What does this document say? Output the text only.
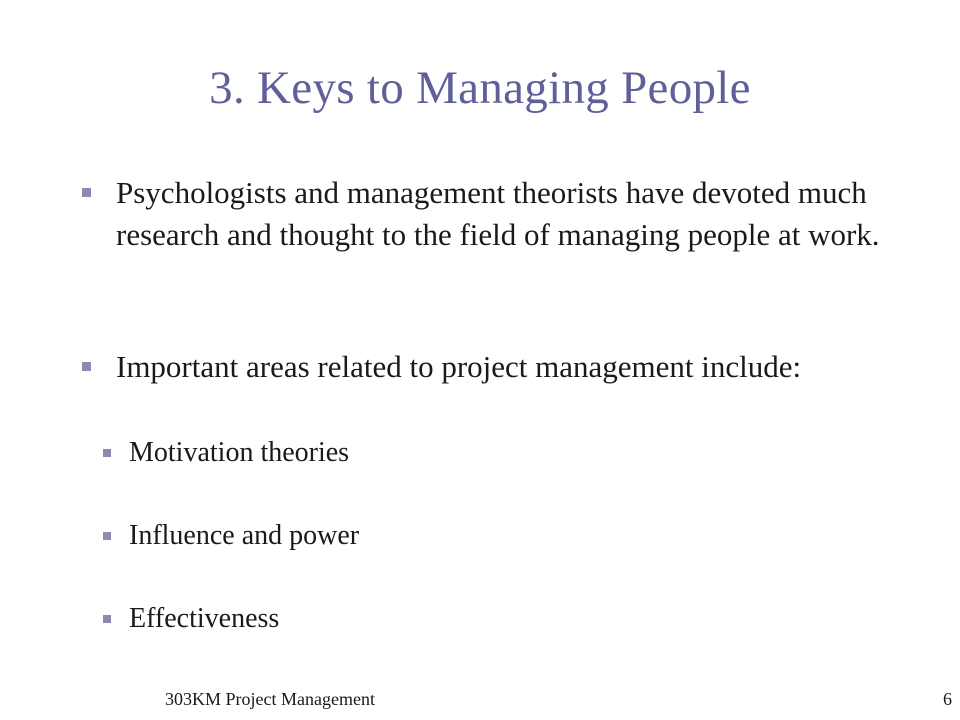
3. Keys to Managing People
Psychologists and management theorists have devoted much research and thought to the field of managing people at work.
Important areas related to project management include:
Motivation theories
Influence and power
Effectiveness
303KM Project Management	6
